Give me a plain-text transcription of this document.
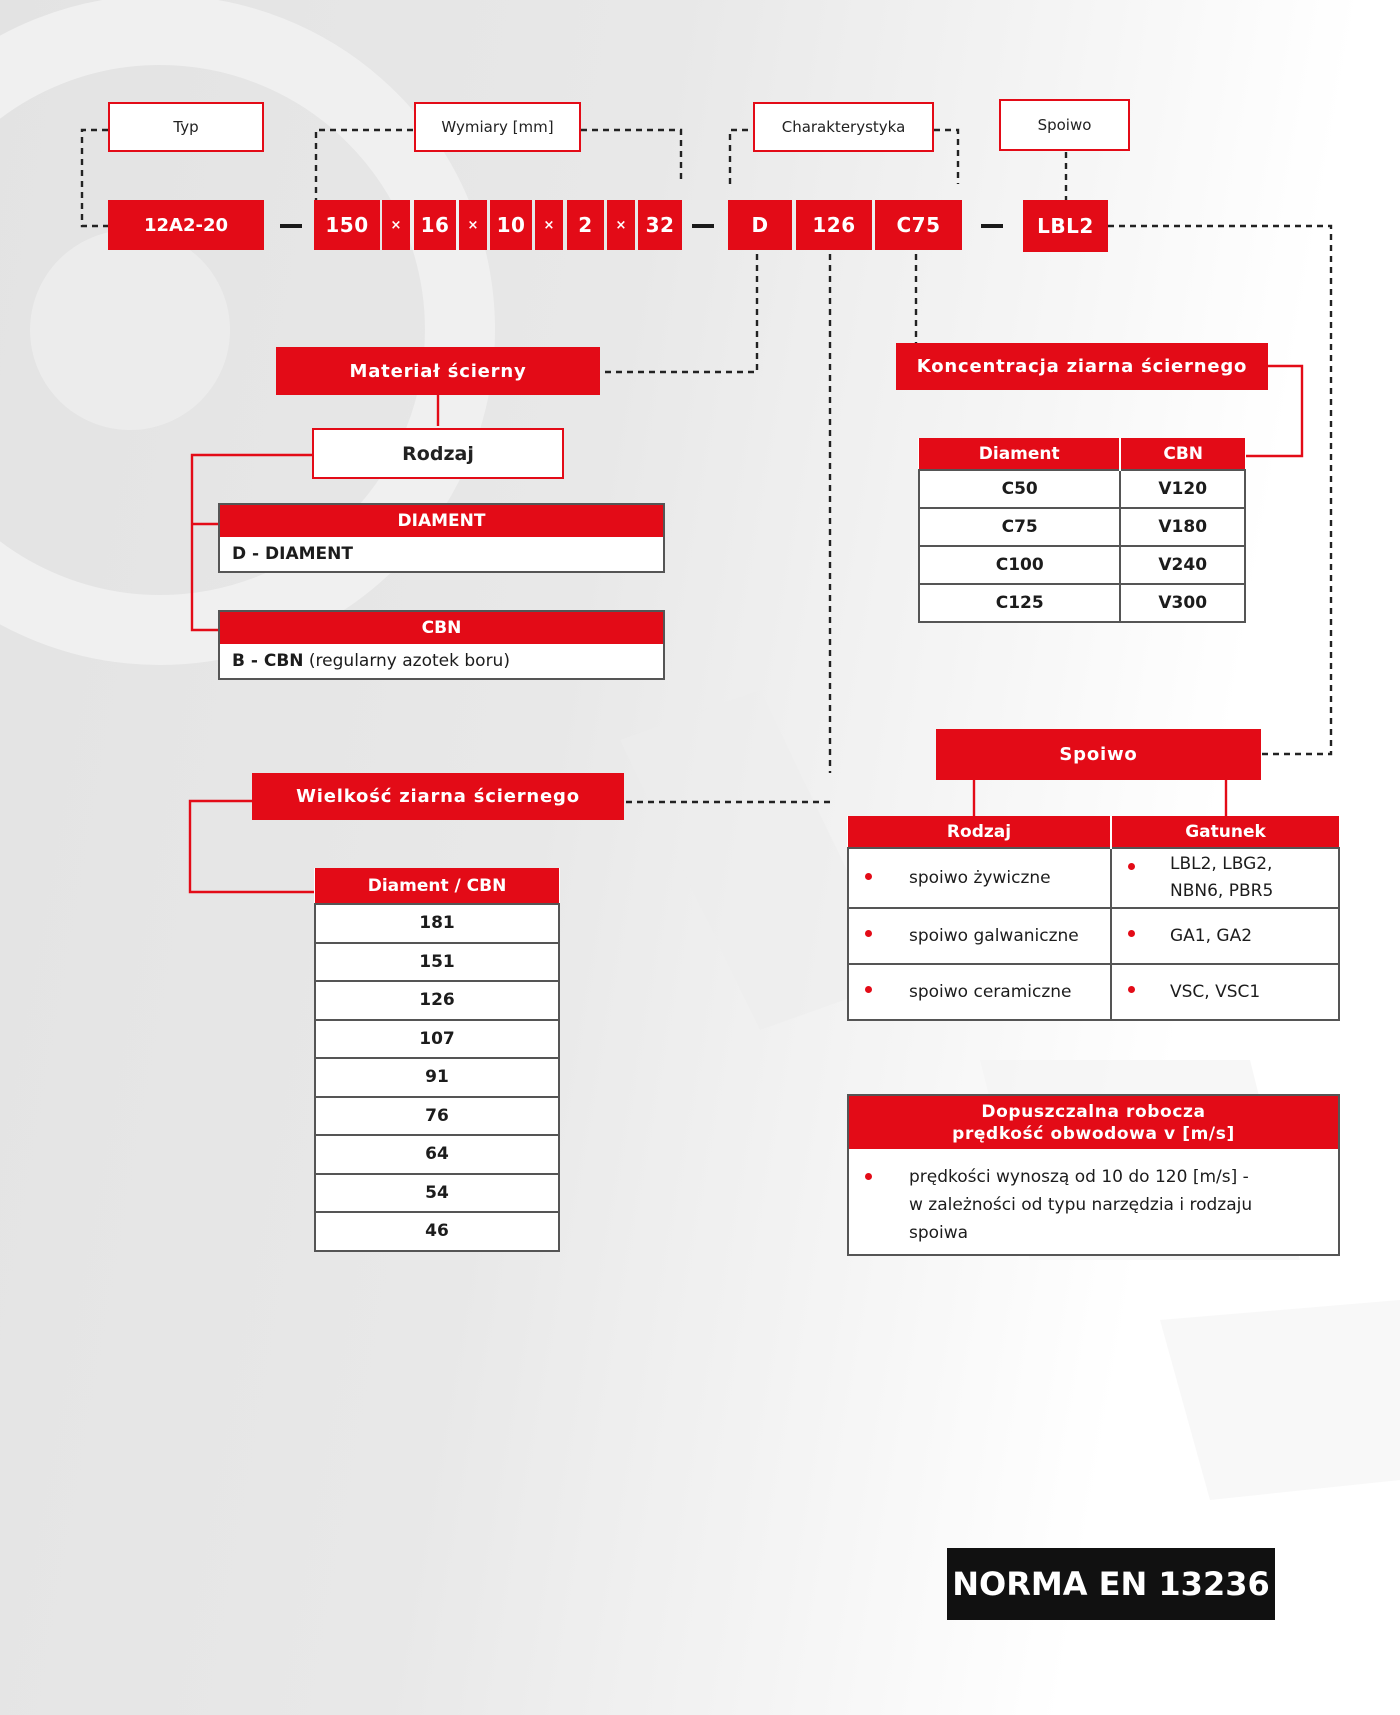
Typ	Wymiary [mm]	Charakterystyka	Spoiwo
12A2-20	150	× 16	× 10	×	2	× 32	D	126	C75	LBL2
Materiał ścierny
Rodzaj
DIAMENT
D - DIAMENT
CBN
B - CBN (regularny azotek boru)
Koncentracja ziarna ściernego
Diament	CBN
C50	V120
C75	V180
C100	V240
C125	V300
Wielkość ziarna ściernego
Diament / CBN
181
151
126
107
91
76
64
54
46
Spoiwo
Rodzaj	Gatunek

spoiwo żywiczne	LBL2, LBG2,
NBN6, PBR5

spoiwo galwaniczne	GA1, GA2

spoiwo ceramiczne	VSC, VSC1
Dopuszczalna robocza
prędkość obwodowa v [m/s]
prędkości wynoszą od 10 do 120 [m/s] -
w zależności od typu narzędzia i rodzaju
spoiwa
NORMA EN 13236
